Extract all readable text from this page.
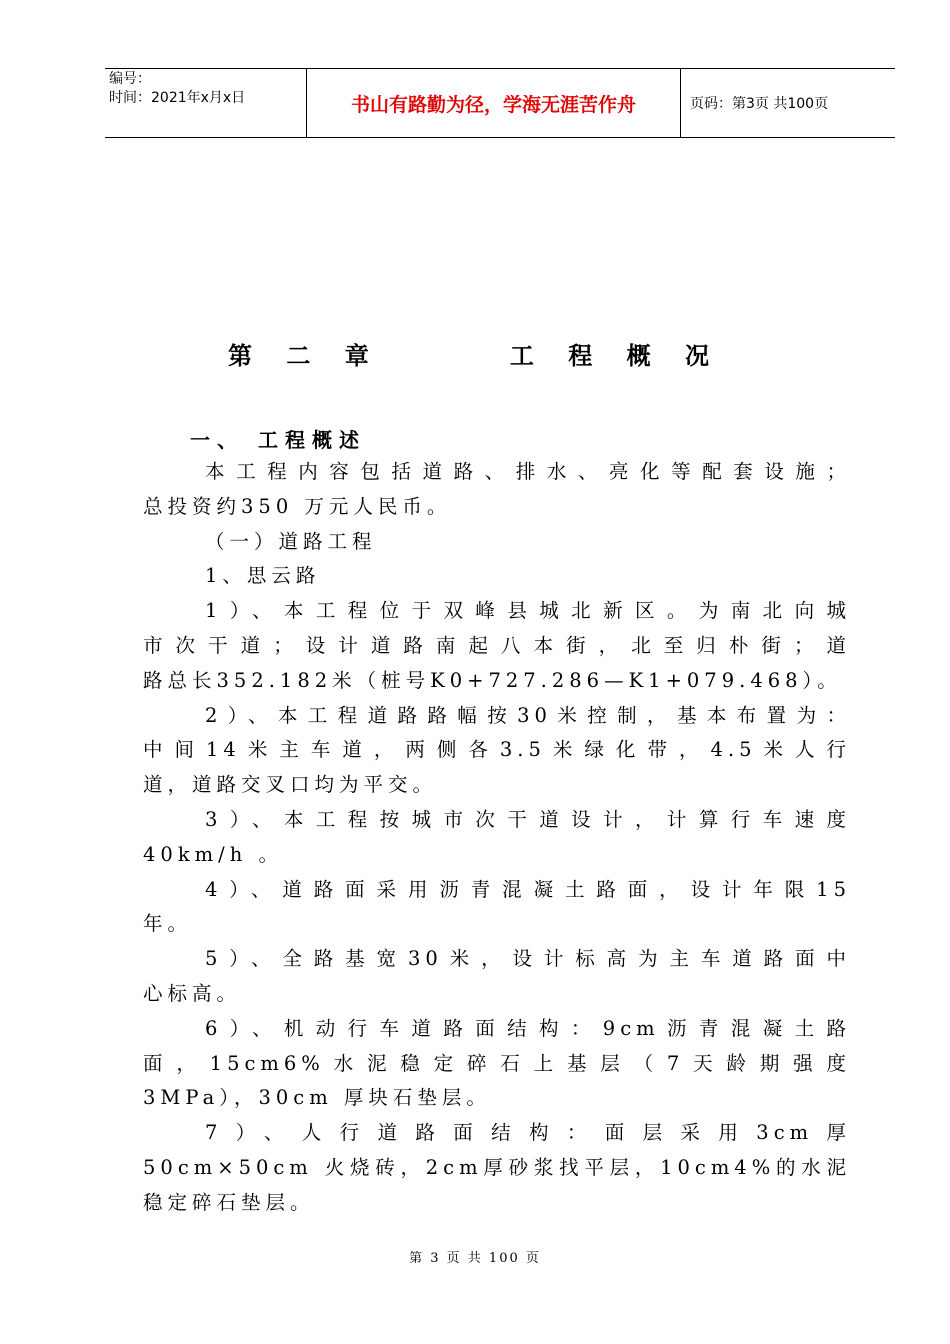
编号：
时间：2021年x月x日	书山有路勤为径，学海无涯苦作舟	页码：第3页 共100页
第 二 章      工 程 概 况
一、 工程概述
本工程内容包括道路、排水、亮化等配套设施；
总投资约350 万元人民币。
（一）道路工程
1、思云路
1）、本工程位于双峰县城北新区。为南北向城
市次干道；设计道路南起八本街，北至归朴街；道
路总长352.182米（桩号K0+727.286—K1+079.468）。
2）、本工程道路路幅按30米控制，基本布置为：
中间14米主车道，两侧各3.5米绿化带，4.5米人行
道，道路交叉口均为平交。
3）、本工程按城市次干道设计，计算行车速度
40km/h 。
4）、道路面采用沥青混凝土路面，设计年限15
年。
5）、全路基宽30米，设计标高为主车道路面中
心标高。
6）、机动行车道路面结构：9cm沥青混凝土路
面，15cm6%水泥稳定碎石上基层（7天龄期强度
3MPa），30cm 厚块石垫层。
7）、人行道路面结构：面层采用3cm厚
50cm×50cm 火烧砖，2cm厚砂浆找平层，10cm4%的水泥
稳定碎石垫层。
第 3 页 共 100 页
